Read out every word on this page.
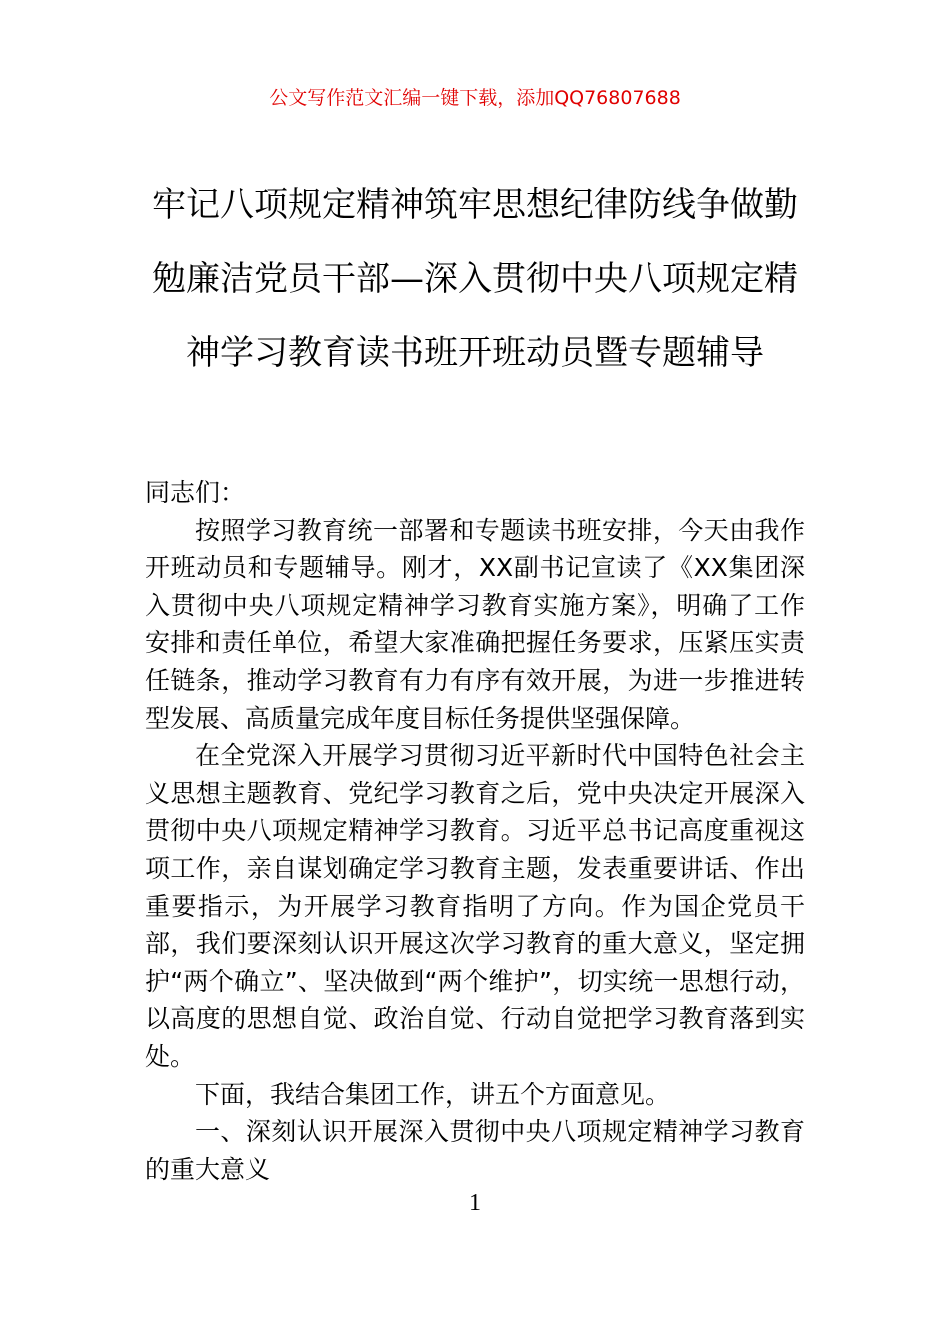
公文写作范文汇编一键下载，添加QQ76807688
牢记八项规定精神筑牢思想纪律防线争做勤勉廉洁党员干部—深入贯彻中央八项规定精神学习教育读书班开班动员暨专题辅导

同志们：

按照学习教育统一部署和专题读书班安排，今天由我作开班动员和专题辅导。刚才，XX副书记宣读了《XX集团深入贯彻中央八项规定精神学习教育实施方案》，明确了工作安排和责任单位，希望大家准确把握任务要求，压紧压实责任链条，推动学习教育有力有序有效开展，为进一步推进转型发展、高质量完成年度目标任务提供坚强保障。

在全党深入开展学习贯彻习近平新时代中国特色社会主义思想主题教育、党纪学习教育之后，党中央决定开展深入贯彻中央八项规定精神学习教育。习近平总书记高度重视这项工作，亲自谋划确定学习教育主题，发表重要讲话、作出重要指示，为开展学习教育指明了方向。作为国企党员干部，我们要深刻认识开展这次学习教育的重大意义，坚定拥护“两个确立”、坚决做到“两个维护”，切实统一思想行动，以高度的思想自觉、政治自觉、行动自觉把学习教育落到实处。

下面，我结合集团工作，讲五个方面意见。

一、深刻认识开展深入贯彻中央八项规定精神学习教育的重大意义

1
